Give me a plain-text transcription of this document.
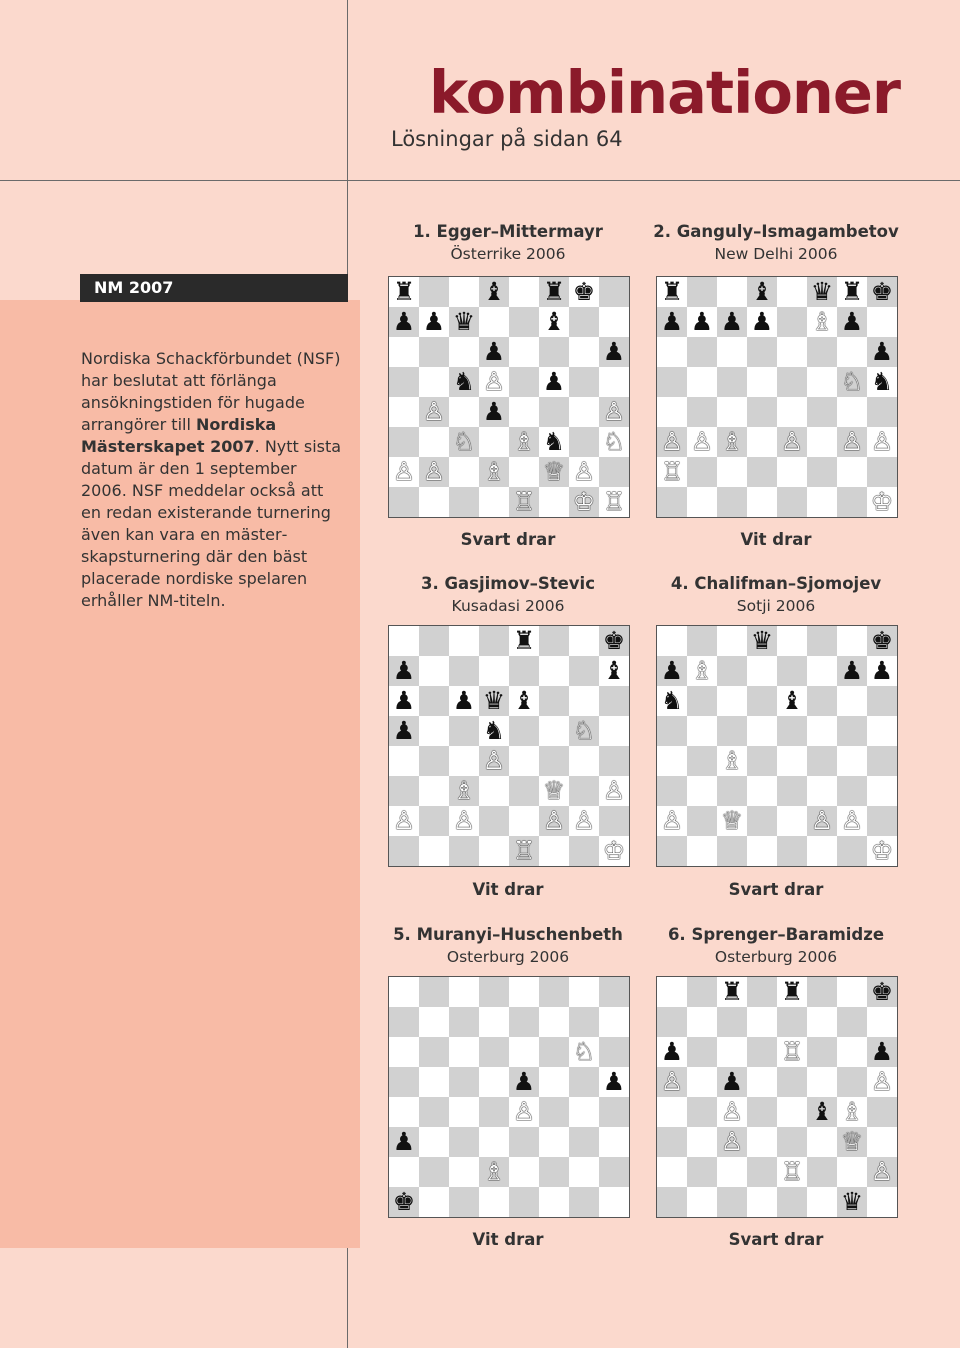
kombinationer
Lösningar på sidan 64
NM 2007
Nordiska Schackförbundet (NSF) har beslutat att förlänga ansökningstiden för hugade arrangörer till Nordiska Mästerskapet 2007. Nytt sista datum är den 1 september 2006. NSF meddelar också att en redan existerande turnering även kan vara en mästerskapsturnering där den bäst placerade nordiske spelaren erhåller NM-titeln.
1. Egger–Mittermayr
Österrike 2006
Svart drar
♜	♝ ♜ ♚
♟ ♟ ♛	♝
♟	♟
♞ ♙ ♟
♙ ♟	♙
♘ ♗ ♞ ♘
♙ ♙ ♗ ♕ ♙
♖ ♔ ♖
2. Ganguly–Ismagambetov
New Delhi 2006
Vit drar
♜	♝ ♛ ♜ ♚
♟ ♟ ♟ ♟ ♗ ♟
♟
♘ ♞
♙ ♙ ♗ ♙ ♙ ♙
♖
♔
3. Gasjimov–Stevic
Kusadasi 2006
Vit drar
♜	♚
♟	♝
♟ ♟ ♛ ♝
♟	♞	♘
♙
♗	♕ ♙
♙ ♙	♙ ♙
♖	♔
4. Chalifman–Sjomojev
Sotji 2006
Svart drar
♛	♚
♟ ♗	♟ ♟
♞	♝
♗
♙ ♕	♙ ♙
♔
5. Muranyi–Huschenbeth
Osterburg 2006
Vit drar
♘
♟	♟
♙
♟
♗
♚
6. Sprenger–Baramidze
Osterburg 2006
Svart drar
♜ ♜	♚
♟	♖	♟
♙ ♟	♙
♙	♝ ♗
♙	♕
♖	♙
♛
